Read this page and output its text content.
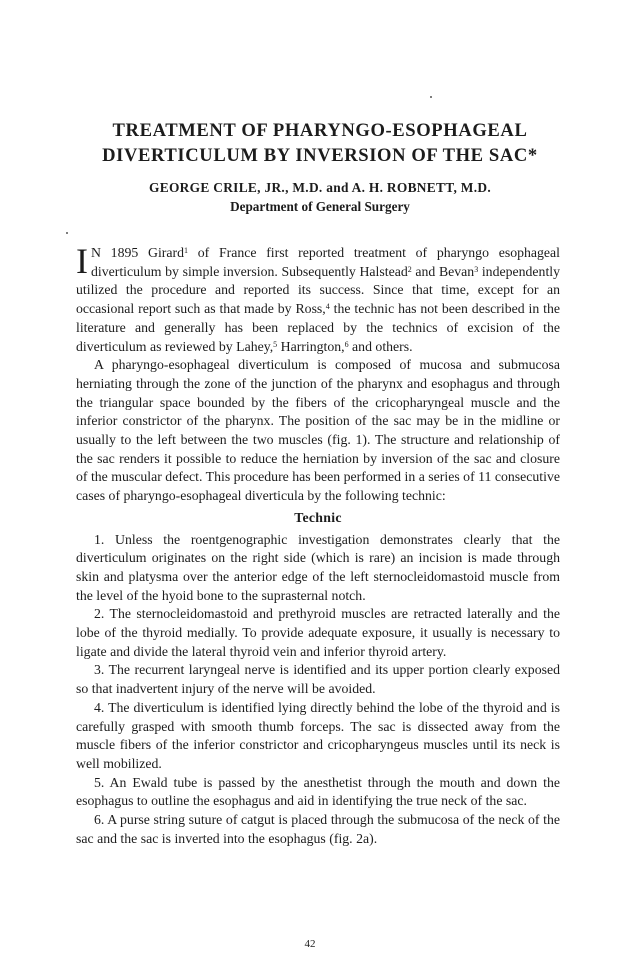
TREATMENT OF PHARYNGO-ESOPHAGEAL
DIVERTICULUM BY INVERSION OF THE SAC*

GEORGE CRILE, JR., M.D. and A. H. ROBNETT, M.D.

Department of General Surgery

I N 1895 Girard$^1$ of France first reported treatment of pharyngo esophageal diverticulum by simple inversion. Subsequently Halstead$^2$ and Bevan$^3$ independently utilized the procedure and reported its success. Since that time, except for an occasional report such as that made by Ross,$^4$ the technic has not been described in the literature and generally has been replaced by the technics of excision of the diverticulum as reviewed by Lahey,$^5$ Harrington,$^6$ and others.

A pharyngo-esophageal diverticulum is composed of mucosa and submucosa herniating through the zone of the junction of the pharynx and esophagus and through the triangular space bounded by the fibers of the cricopharyngeal muscle and the inferior constrictor of the pharynx. The position of the sac may be in the midline or usually to the left between the two muscles (fig. 1). The structure and relationship of the sac renders it possible to reduce the herniation by inversion of the sac and closure of the muscular defect. This procedure has been performed in a series of 11 consecutive cases of pharyngo-esophageal diverticula by the following technic:

Technic

1. Unless the roentgenographic investigation demonstrates clearly that the diverticulum originates on the right side (which is rare) an incision is made through skin and platysma over the anterior edge of the left sternocleidomastoid muscle from the level of the hyoid bone to the suprasternal notch.

2. The sternocleidomastoid and prethyroid muscles are retracted laterally and the lobe of the thyroid medially. To provide adequate exposure, it usually is necessary to ligate and divide the lateral thyroid vein and inferior thyroid artery.

3. The recurrent laryngeal nerve is identified and its upper portion clearly exposed so that inadvertent injury of the nerve will be avoided.

4. The diverticulum is identified lying directly behind the lobe of the thyroid and is carefully grasped with smooth thumb forceps. The sac is dissected away from the muscle fibers of the inferior constrictor and cricopharyngeus muscles until its neck is well mobilized.

5. An Ewald tube is passed by the anesthetist through the mouth and down the esophagus to outline the esophagus and aid in identifying the true neck of the sac.

6. A purse string suture of catgut is placed through the submucosa of the neck of the sac and the sac is inverted into the esophagus (fig. 2a).

42
